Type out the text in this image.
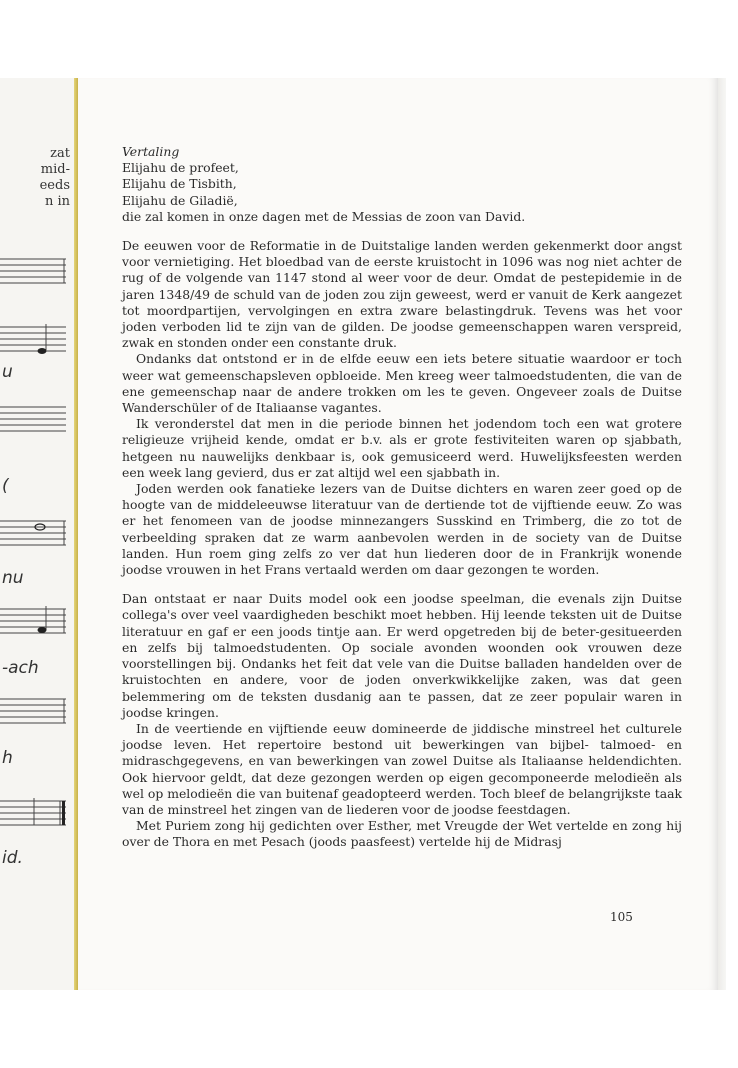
zat
mid-
eeds
n in
u
(
nu
-ach
h
id.

Vertaling

Elijahu de profeet,

Elijahu de Tisbith,

Elijahu de Giladië,

die zal komen in onze dagen met de Messias de zoon van David.

De eeuwen voor de Reformatie in de Duitstalige landen werden gekenmerkt door angst voor vernietiging. Het bloedbad van de eerste kruistocht in 1096 was nog niet achter de rug of de volgende van 1147 stond al weer voor de deur. Omdat de pestepidemie in de jaren 1348/49 de schuld van de joden zou zijn geweest, werd er vanuit de Kerk aangezet tot moordpartijen, vervolgingen en extra zware belastingdruk. Tevens was het voor joden verboden lid te zijn van de gilden. De joodse gemeenschappen waren verspreid, zwak en stonden onder een constante druk.

Ondanks dat ontstond er in de elfde eeuw een iets betere situatie waardoor er toch weer wat gemeenschapsleven opbloeide. Men kreeg weer talmoedstudenten, die van de ene gemeenschap naar de andere trokken om les te geven. Ongeveer zoals de Duitse Wanderschüler of de Italiaanse vagantes.

Ik veronderstel dat men in die periode binnen het jodendom toch een wat grotere religieuze vrijheid kende, omdat er b.v. als er grote festiviteiten waren op sjabbath, hetgeen nu nauwelijks denkbaar is, ook gemusiceerd werd. Huwelijksfeesten werden een week lang gevierd, dus er zat altijd wel een sjabbath in.

Joden werden ook fanatieke lezers van de Duitse dichters en waren zeer goed op de hoogte van de middeleeuwse literatuur van de dertiende tot de vijftiende eeuw. Zo was er het fenomeen van de joodse minnezangers Susskind en Trimberg, die zo tot de verbeelding spraken dat ze warm aanbevolen werden in de society van de Duitse landen. Hun roem ging zelfs zo ver dat hun liederen door de in Frankrijk wonende joodse vrouwen in het Frans vertaald werden om daar gezongen te worden.

Dan ontstaat er naar Duits model ook een joodse speelman, die evenals zijn Duitse collega's over veel vaardigheden beschikt moet hebben. Hij leende teksten uit de Duitse literatuur en gaf er een joods tintje aan. Er werd opgetreden bij de beter-gesitueerden en zelfs bij talmoedstudenten. Op sociale avonden woonden ook vrouwen deze voorstellingen bij. Ondanks het feit dat vele van die Duitse balladen handelden over de kruistochten en andere, voor de joden onverkwikkelijke zaken, was dat geen belemmering om de teksten dusdanig aan te passen, dat ze zeer populair waren in joodse kringen.

In de veertiende en vijftiende eeuw domineerde de jiddische minstreel het culturele joodse leven. Het repertoire bestond uit bewerkingen van bijbel- talmoed- en midraschgegevens, en van bewerkingen van zowel Duitse als Italiaanse heldendichten. Ook hiervoor geldt, dat deze gezongen werden op eigen gecomponeerde melodieën als wel op melodieën die van buitenaf geadopteerd werden. Toch bleef de belangrijkste taak van de minstreel het zingen van de liederen voor de joodse feestdagen.

Met Puriem zong hij gedichten over Esther, met Vreugde der Wet vertelde en zong hij over de Thora en met Pesach (joods paasfeest) vertelde hij de Midrasj

105
